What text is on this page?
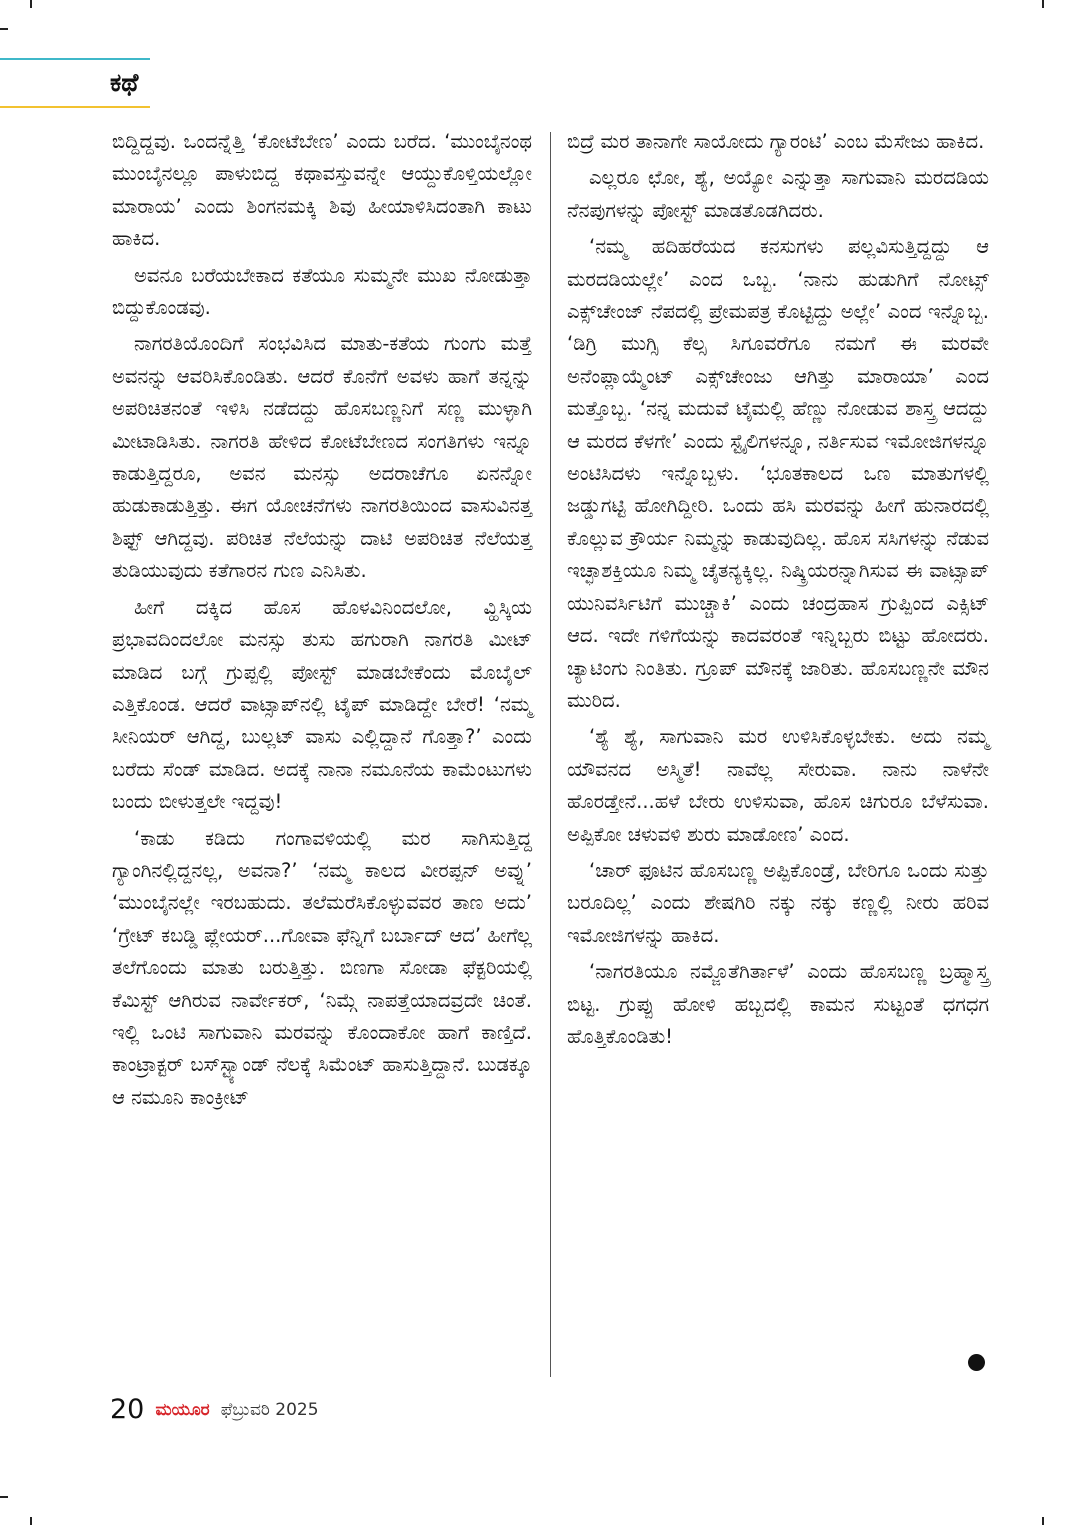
ಕಥೆ

ಬಿದ್ದಿದ್ದವು. ಒಂದನ್ನೆತ್ತಿ ‘ಕೋಟೆಬೇಣ’ ಎಂದು ಬರೆದ. ‘ಮುಂಬೈನಂಥ ಮುಂಬೈನಲ್ಲೂ ಪಾಳುಬಿದ್ದ ಕಥಾವಸ್ತುವನ್ನೇ ಆಯ್ದುಕೊಳ್ತಿಯಲ್ಲೋ ಮಾರಾಯ’ ಎಂದು ಶಿಂಗನಮಕ್ಕಿ ಶಿವು ಹೀಯಾಳಿಸಿದಂತಾಗಿ ಕಾಟು ಹಾಕಿದ.

ಅವನೂ ಬರೆಯಬೇಕಾದ ಕತೆಯೂ ಸುಮ್ಮನೇ ಮುಖ ನೋಡುತ್ತಾ ಬಿದ್ದುಕೊಂಡವು.

ನಾಗರತಿಯೊಂದಿಗೆ ಸಂಭವಿಸಿದ ಮಾತು-ಕತೆಯ ಗುಂಗು ಮತ್ತೆ ಅವನನ್ನು ಆವರಿಸಿಕೊಂಡಿತು. ಆದರೆ ಕೊನೆಗೆ ಅವಳು ಹಾಗೆ ತನ್ನನ್ನು ಅಪರಿಚಿತನಂತೆ ಇಳಿಸಿ ನಡೆದದ್ದು ಹೊಸಬಣ್ಣನಿಗೆ ಸಣ್ಣ ಮುಳ್ಳಾಗಿ ಮೀಟಾಡಿಸಿತು. ನಾಗರತಿ ಹೇಳಿದ ಕೋಟೆಬೇಣದ ಸಂಗತಿಗಳು ಇನ್ನೂ ಕಾಡುತ್ತಿದ್ದರೂ, ಅವನ ಮನಸ್ಸು ಅದರಾಚೆಗೂ ಏನನ್ನೋ ಹುಡುಕಾಡುತ್ತಿತ್ತು. ಈಗ ಯೋಚನೆಗಳು ನಾಗರತಿಯಿಂದ ವಾಸುವಿನತ್ತ ಶಿಫ್ಟ್ ಆಗಿದ್ದವು. ಪರಿಚಿತ ನೆಲೆಯನ್ನು ದಾಟಿ ಅಪರಿಚಿತ ನೆಲೆಯತ್ತ ತುಡಿಯುವುದು ಕತೆಗಾರನ ಗುಣ ಎನಿಸಿತು.

ಹೀಗೆ ದಕ್ಕಿದ ಹೊಸ ಹೊಳವಿನಿಂದಲೋ, ವ್ಹಿಸ್ಕಿಯ ಪ್ರಭಾವದಿಂದಲೋ ಮನಸ್ಸು ತುಸು ಹಗುರಾಗಿ ನಾಗರತಿ ಮೀಟ್ ಮಾಡಿದ ಬಗ್ಗೆ ಗ್ರುಪ್ಪಲ್ಲಿ ಪೋಸ್ಟ್ ಮಾಡಬೇಕೆಂದು ಮೊಬೈಲ್ ಎತ್ತಿಕೊಂಡ. ಆದರೆ ವಾಟ್ಸಾಪ್‌ನಲ್ಲಿ ಟೈಪ್ ಮಾಡಿದ್ದೇ ಬೇರೆ! ‘ನಮ್ಮ ಸೀನಿಯರ್ ಆಗಿದ್ದ, ಬುಲ್ಲಟ್ ವಾಸು ಎಲ್ಲಿದ್ದಾನೆ ಗೊತ್ತಾ?’ ಎಂದು ಬರೆದು ಸೆಂಡ್ ಮಾಡಿದ. ಅದಕ್ಕೆ ನಾನಾ ನಮೂನೆಯ ಕಾಮೆಂಟುಗಳು ಬಂದು ಬೀಳುತ್ತಲೇ ಇದ್ದವು!

‘ಕಾಡು ಕಡಿದು ಗಂಗಾವಳಿಯಲ್ಲಿ ಮರ ಸಾಗಿಸುತ್ತಿದ್ದ ಗ್ಯಾಂಗಿನಲ್ಲಿದ್ದನಲ್ಲ, ಅವನಾ?’ ‘ನಮ್ಮ ಕಾಲದ ವೀರಪ್ಪನ್ ಅವ್ನು’ ‘ಮುಂಬೈನಲ್ಲೇ ಇರಬಹುದು. ತಲೆಮರೆಸಿಕೊಳ್ಳುವವರ ತಾಣ ಅದು’ ‘ಗ್ರೇಟ್ ಕಬಡ್ಡಿ ಪ್ಲೇಯರ್...ಗೋವಾ ಫೆನ್ನಿಗೆ ಬರ್ಬಾದ್ ಆದ’ ಹೀಗೆಲ್ಲ ತಲೆಗೊಂದು ಮಾತು ಬರುತ್ತಿತ್ತು. ಬಿಣಗಾ ಸೋಡಾ ಫೆಕ್ಟರಿಯಲ್ಲಿ ಕೆಮಿಸ್ಟ್ ಆಗಿರುವ ನಾರ್ವೇಕರ್, ‘ನಿಮ್ಗೆ ನಾಪತ್ತೆಯಾದವ್ರದೇ ಚಿಂತೆ. ಇಲ್ಲಿ ಒಂಟಿ ಸಾಗುವಾನಿ ಮರವನ್ನು ಕೊಂದಾಕೋ ಹಾಗೆ ಕಾಣ್ತಿದೆ. ಕಾಂಟ್ರಾಕ್ಟರ್ ಬಸ್‌ಸ್ಟ್ಯಾಂಡ್ ನೆಲಕ್ಕೆ ಸಿಮೆಂಟ್ ಹಾಸುತ್ತಿದ್ದಾನೆ. ಬುಡಕ್ಕೂ ಆ ನಮೂನಿ ಕಾಂಕ್ರೀಟ್

ಬಿದ್ರೆ ಮರ ತಾನಾಗೇ ಸಾಯೋದು ಗ್ಯಾರಂಟಿ’ ಎಂಬ ಮೆಸೇಜು ಹಾಕಿದ.

ಎಲ್ಲರೂ ಛೋ, ಶ್ಯೆ, ಅಯ್ಯೋ ಎನ್ನುತ್ತಾ ಸಾಗುವಾನಿ ಮರದಡಿಯ ನೆನಪುಗಳನ್ನು ಪೋಸ್ಟ್ ಮಾಡತೊಡಗಿದರು.

‘ನಮ್ಮ ಹದಿಹರೆಯದ ಕನಸುಗಳು ಪಲ್ಲವಿಸುತ್ತಿದ್ದದ್ದು ಆ ಮರದಡಿಯಲ್ಲೇ’ ಎಂದ ಒಬ್ಬ. ‘ನಾನು ಹುಡುಗಿಗೆ ನೋಟ್ಸ್ ಎಕ್ಸ್‌ಚೇಂಜ್ ನೆಪದಲ್ಲಿ ಪ್ರೇಮಪತ್ರ ಕೊಟ್ಟಿದ್ದು ಅಲ್ಲೇ’ ಎಂದ ಇನ್ನೊಬ್ಬ. ‘ಡಿಗ್ರಿ ಮುಗ್ಸಿ ಕೆಲ್ಸ ಸಿಗೂವರೆಗೂ ನಮಗೆ ಈ ಮರವೇ ಅನೆಂಪ್ಲಾಯ್ಮೆಂಟ್ ಎಕ್ಸ್‌ಚೇಂಜು ಆಗಿತ್ತು ಮಾರಾಯಾ’ ಎಂದ ಮತ್ತೊಬ್ಬ. ‘ನನ್ನ ಮದುವೆ ಟೈಮಲ್ಲಿ ಹೆಣ್ಣು ನೋಡುವ ಶಾಸ್ತ್ರ ಆದದ್ದು ಆ ಮರದ ಕೆಳಗೇ’ ಎಂದು ಸ್ಟೈಲಿಗಳನ್ನೂ, ನರ್ತಿಸುವ ಇಮೋಜಿಗಳನ್ನೂ ಅಂಟಿಸಿದಳು ಇನ್ನೊಬ್ಬಳು. ‘ಭೂತಕಾಲದ ಒಣ ಮಾತುಗಳಲ್ಲಿ ಜಡ್ಡುಗಟ್ಟಿ ಹೋಗಿದ್ದೀರಿ. ಒಂದು ಹಸಿ ಮರವನ್ನು ಹೀಗೆ ಹುನಾರದಲ್ಲಿ ಕೊಲ್ಲುವ ಕ್ರೌರ್ಯ ನಿಮ್ಮನ್ನು ಕಾಡುವುದಿಲ್ಲ. ಹೊಸ ಸಸಿಗಳನ್ನು ನೆಡುವ ಇಚ್ಛಾಶಕ್ತಿಯೂ ನಿಮ್ಮ ಚೈತನ್ಯಕ್ಕಿಲ್ಲ. ನಿಷ್ಕ್ರಿಯರನ್ನಾಗಿಸುವ ಈ ವಾಟ್ಸಾಪ್ ಯುನಿವರ್ಸಿಟಿಗೆ ಮುಚ್ಚಾಕಿ’ ಎಂದು ಚಂದ್ರಹಾಸ ಗ್ರುಪ್ಪಿಂದ ಎಕ್ಸಿಟ್ ಆದ. ಇದೇ ಗಳಿಗೆಯನ್ನು ಕಾದವರಂತೆ ಇನ್ನಿಬ್ಬರು ಬಿಟ್ಟು ಹೋದರು. ಚ್ಯಾಟಿಂಗು ನಿಂತಿತು. ಗ್ರೂಪ್ ಮೌನಕ್ಕೆ ಜಾರಿತು. ಹೊಸಬಣ್ಣನೇ ಮೌನ ಮುರಿದ.

‘ಶ್ಯೆ ಶ್ಯೆ, ಸಾಗುವಾನಿ ಮರ ಉಳಿಸಿಕೊಳ್ಳಬೇಕು. ಅದು ನಮ್ಮ ಯೌವನದ ಅಸ್ಮಿತೆ! ನಾವೆಲ್ಲ ಸೇರುವಾ. ನಾನು ನಾಳೆನೇ ಹೊರಡ್ತೇನೆ...ಹಳೆ ಬೇರು ಉಳಿಸುವಾ, ಹೊಸ ಚಿಗುರೂ ಬೆಳೆಸುವಾ. ಅಪ್ಪಿಕೋ ಚಳುವಳಿ ಶುರು ಮಾಡೋಣ’ ಎಂದ.

‘ಚಾರ್ ಫೂಟಿನ ಹೊಸಬಣ್ಣ ಅಪ್ಪಿಕೊಂಡ್ರೆ, ಬೇರಿಗೂ ಒಂದು ಸುತ್ತು ಬರೂದಿಲ್ಲ’ ಎಂದು ಶೇಷಗಿರಿ ನಕ್ಕು ನಕ್ಕು ಕಣ್ಣಲ್ಲಿ ನೀರು ಹರಿವ ಇಮೋಜಿಗಳನ್ನು ಹಾಕಿದ.

‘ನಾಗರತಿಯೂ ನಮ್ಜೊತೆಗಿರ್ತಾಳೆ’ ಎಂದು ಹೊಸಬಣ್ಣ ಬ್ರಹ್ಮಾಸ್ತ್ರ ಬಿಟ್ಟ. ಗ್ರುಪ್ಪು ಹೋಳಿ ಹಬ್ಬದಲ್ಲಿ ಕಾಮನ ಸುಟ್ಟಂತೆ ಧಗಧಗ ಹೊತ್ತಿಕೊಂಡಿತು!

20 ಮಯೂರ ಫೆಬ್ರುವರಿ 2025
